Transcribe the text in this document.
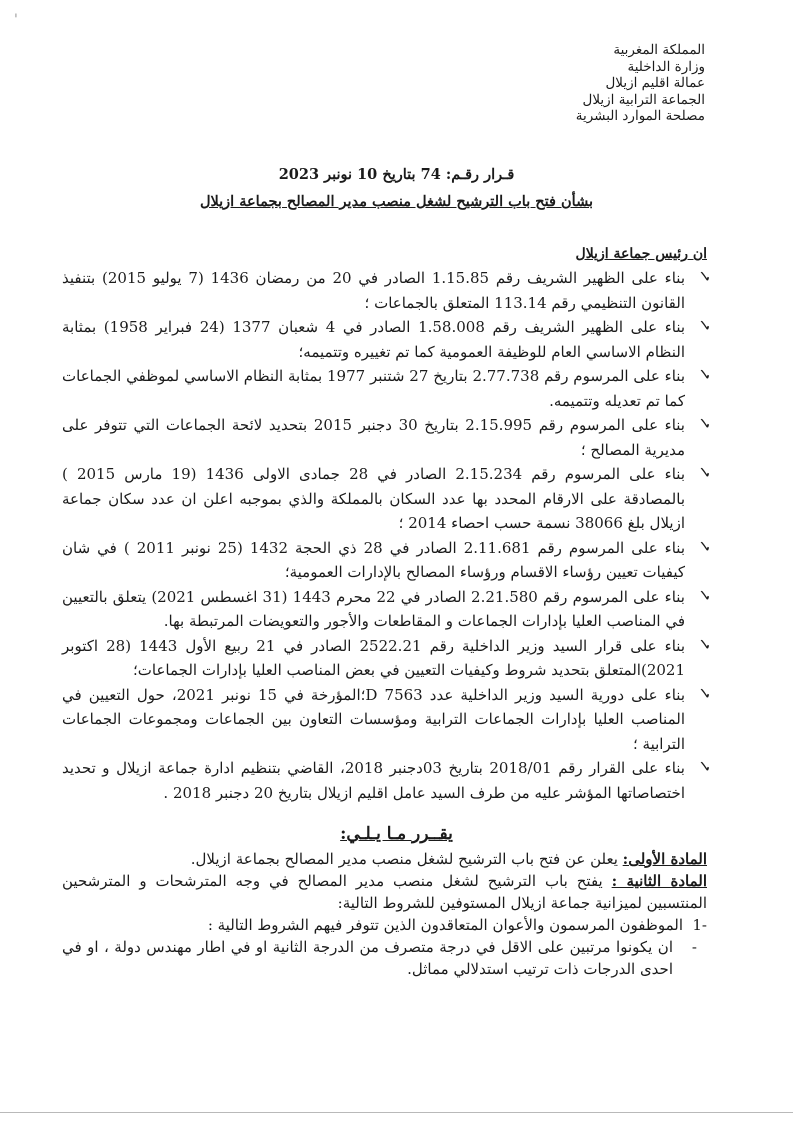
'
المملكة المغربية
وزارة الداخلية
عمالة اقليم ازيلال
الجماعة الترابية ازيلال
مصلحة الموارد البشرية
قـرار رقـم: 74 بتاريخ 10 نونبر 2023
بشأن فتح باب الترشيح لشغل منصب مدير المصالح بجماعة ازيلال
ان رئيس جماعة ازيلال
✓
بناء على الظهير الشريف رقم 1.15.85 الصادر في 20 من رمضان 1436 (7 يوليو 2015) بتنفيذ القانون التنظيمي رقم 113.14 المتعلق بالجماعات ؛
✓
بناء على الظهير الشريف رقم 1.58.008 الصادر في 4 شعبان 1377 (24 فبراير 1958) بمثابة النظام الاساسي العام للوظيفة العمومية كما تم تغييره وتتميمه؛
✓
بناء على المرسوم رقم 2.77.738 بتاريخ 27 شتنبر 1977 بمثابة النظام الاساسي لموظفي الجماعات كما تم تعديله وتتميمه.
✓
بناء على المرسوم رقم 2.15.995 بتاريخ 30 دجنبر 2015 بتحديد لائحة الجماعات التي تتوفر على مديرية المصالح ؛
✓
بناء على المرسوم رقم 2.15.234 الصادر في 28 جمادى الاولى 1436 (19 مارس 2015 ) بالمصادقة على الارقام المحدد بها عدد السكان بالمملكة والذي بموجبه اعلن ان عدد سكان جماعة ازيلال بلغ 38066 نسمة حسب احصاء 2014 ؛
✓
بناء على المرسوم رقم 2.11.681 الصادر في 28 ذي الحجة 1432 (25 نونبر 2011 ) في شان كيفيات تعيين رؤساء الاقسام ورؤساء المصالح بالإدارات العمومية؛
✓
بناء على المرسوم رقم 2.21.580 الصادر في 22 محرم 1443 (31 اغسطس 2021) يتعلق بالتعيين في المناصب العليا بإدارات الجماعات و المقاطعات والأجور والتعويضات المرتبطة بها.
✓
بناء على قرار السيد وزير الداخلية رقم 2522.21 الصادر في 21 ربيع الأول 1443 (28 اكتوبر 2021)المتعلق بتحديد شروط وكيفيات التعيين في بعض المناصب العليا بإدارات الجماعات؛
✓
بناء على دورية السيد وزير الداخلية عدد D 7563؛المؤرخة في 15 نونبر 2021، حول التعيين في المناصب العليا بإدارات الجماعات الترابية ومؤسسات التعاون بين الجماعات ومجموعات الجماعات الترابية ؛
✓
بناء على القرار رقم 2018/01 بتاريخ 03دجنبر 2018، القاضي بتنظيم ادارة جماعة ازيلال و تحديد اختصاصاتها المؤشر عليه من طرف السيد عامل اقليم ازيلال بتاريخ 20 دجنبر 2018 .
يقــرر مـا يـلـي:
المادة الأولى: يعلن عن فتح باب الترشيح لشغل منصب مدير المصالح بجماعة ازيلال.
المادة الثانية : يفتح باب الترشيح لشغل منصب مدير المصالح في وجه المترشحات و المترشحين المنتسبين لميزانية جماعة ازيلال المستوفين للشروط التالية:
1-
الموظفون المرسمون والأعوان المتعاقدون الذين تتوفر فيهم الشروط التالية :
-
ان يكونوا مرتبين على الاقل في درجة متصرف من الدرجة الثانية او في اطار مهندس دولة ، او في احدى الدرجات ذات ترتيب استدلالي مماثل.
